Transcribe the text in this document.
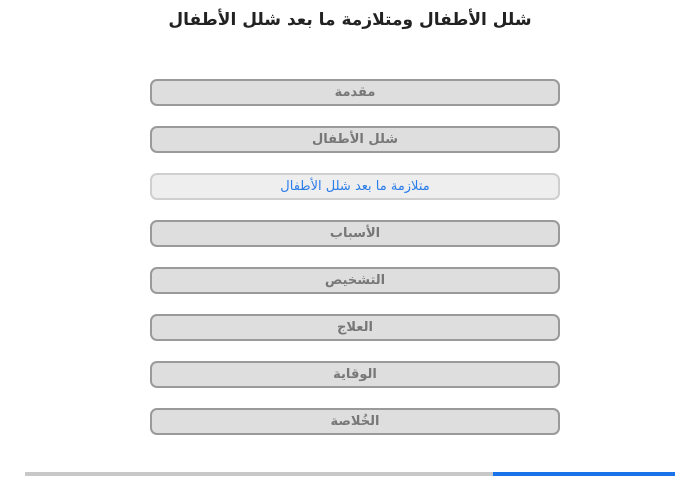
شلل الأطفال ومتلازمة ما بعد شلل الأطفال
مقدمة
شلل الأطفال
متلازمة ما بعد شلل الأطفال
الأسباب
التشخيص
العلاج
الوقاية
الخُلاصة
